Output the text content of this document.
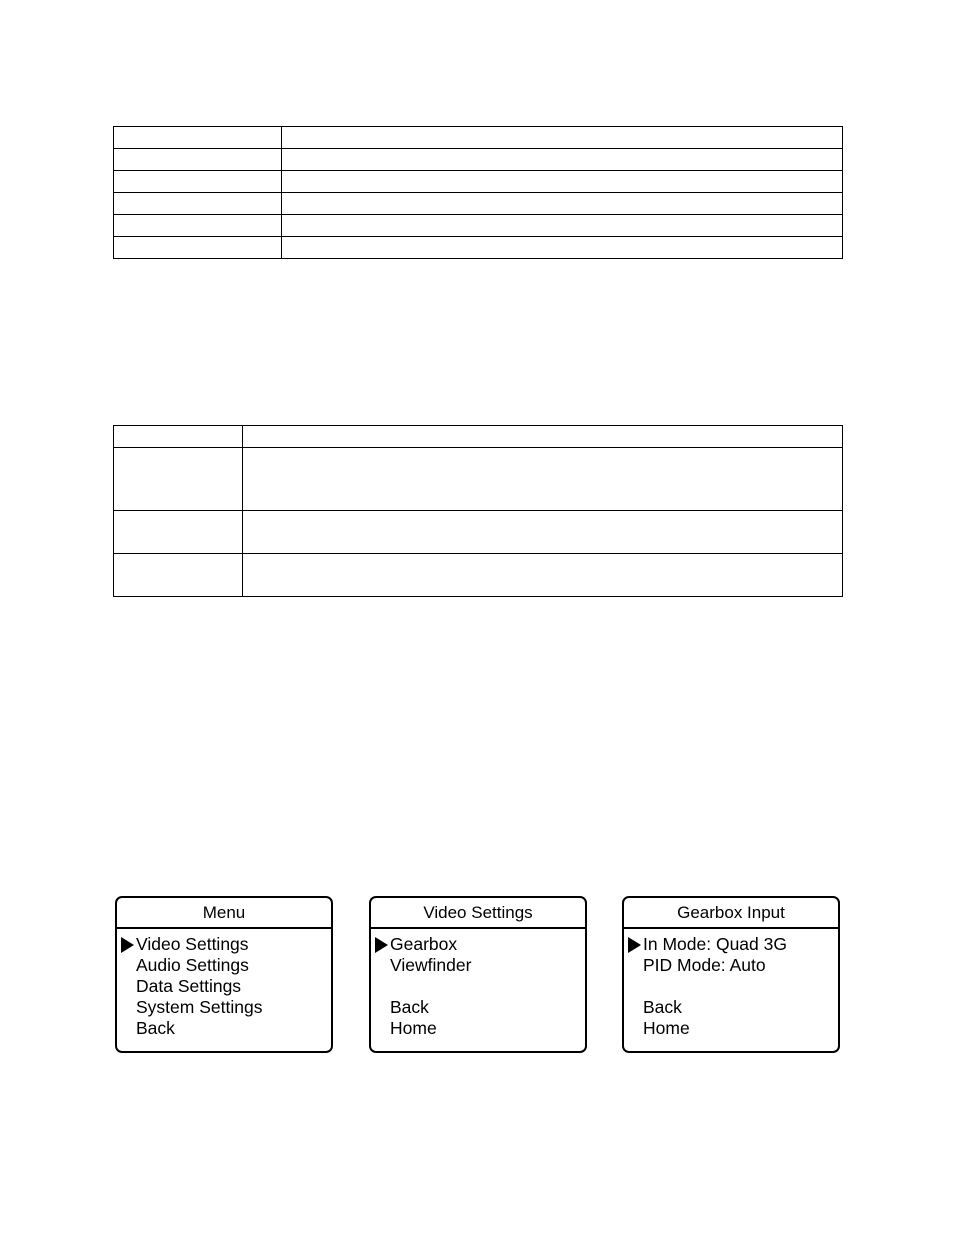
Menu
Video Settings
Audio Settings
Data Settings
System Settings
Back
Video Settings
Gearbox
Viewfinder
Back
Home
Gearbox Input
In Mode: Quad 3G
PID Mode: Auto
Back
Home
